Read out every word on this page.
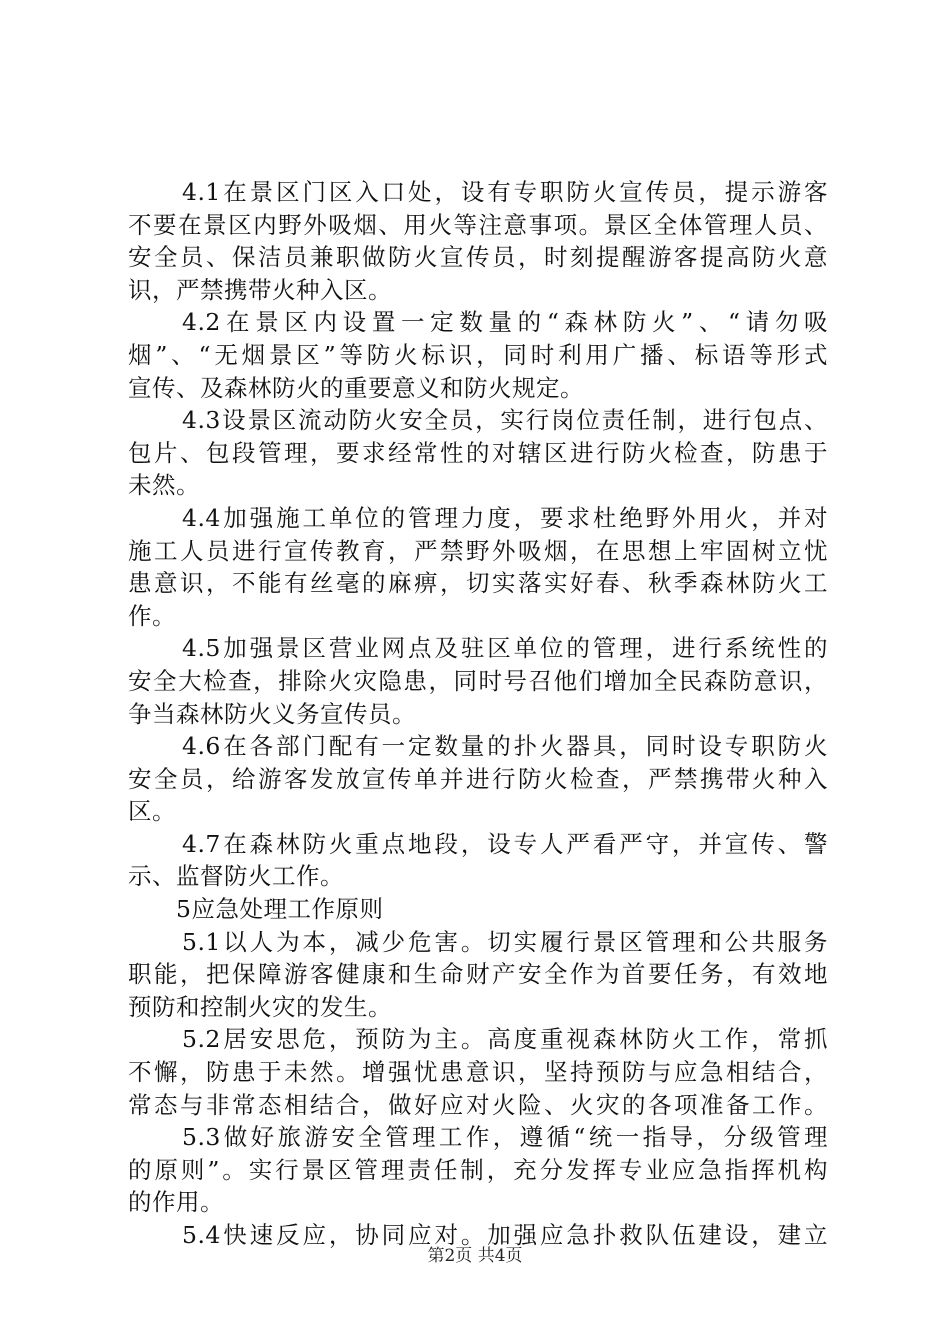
4.1在景区门区入口处，设有专职防火宣传员，提示游客
不要在景区内野外吸烟、用火等注意事项。景区全体管理人员、
安全员、保洁员兼职做防火宣传员，时刻提醒游客提高防火意
识，严禁携带火种入区。
4.2在景区内设置一定数量的“森林防火”、“请勿吸
烟”、“无烟景区”等防火标识，同时利用广播、标语等形式
宣传、及森林防火的重要意义和防火规定。
4.3设景区流动防火安全员，实行岗位责任制，进行包点、
包片、包段管理，要求经常性的对辖区进行防火检查，防患于
未然。
4.4加强施工单位的管理力度，要求杜绝野外用火，并对
施工人员进行宣传教育，严禁野外吸烟，在思想上牢固树立忧
患意识，不能有丝毫的麻痹，切实落实好春、秋季森林防火工
作。
4.5加强景区营业网点及驻区单位的管理，进行系统性的
安全大检查，排除火灾隐患，同时号召他们增加全民森防意识，
争当森林防火义务宣传员。
4.6在各部门配有一定数量的扑火器具，同时设专职防火
安全员，给游客发放宣传单并进行防火检查，严禁携带火种入
区。
4.7在森林防火重点地段，设专人严看严守，并宣传、警
示、监督防火工作。
5应急处理工作原则
5.1以人为本，减少危害。切实履行景区管理和公共服务
职能，把保障游客健康和生命财产安全作为首要任务，有效地
预防和控制火灾的发生。
5.2居安思危，预防为主。高度重视森林防火工作，常抓
不懈，防患于未然。增强忧患意识，坚持预防与应急相结合，
常态与非常态相结合，做好应对火险、火灾的各项准备工作。
5.3做好旅游安全管理工作，遵循“统一指导，分级管理
的原则”。实行景区管理责任制，充分发挥专业应急指挥机构
的作用。
5.4快速反应，协同应对。加强应急扑救队伍建设，建立
第2页 共4页
